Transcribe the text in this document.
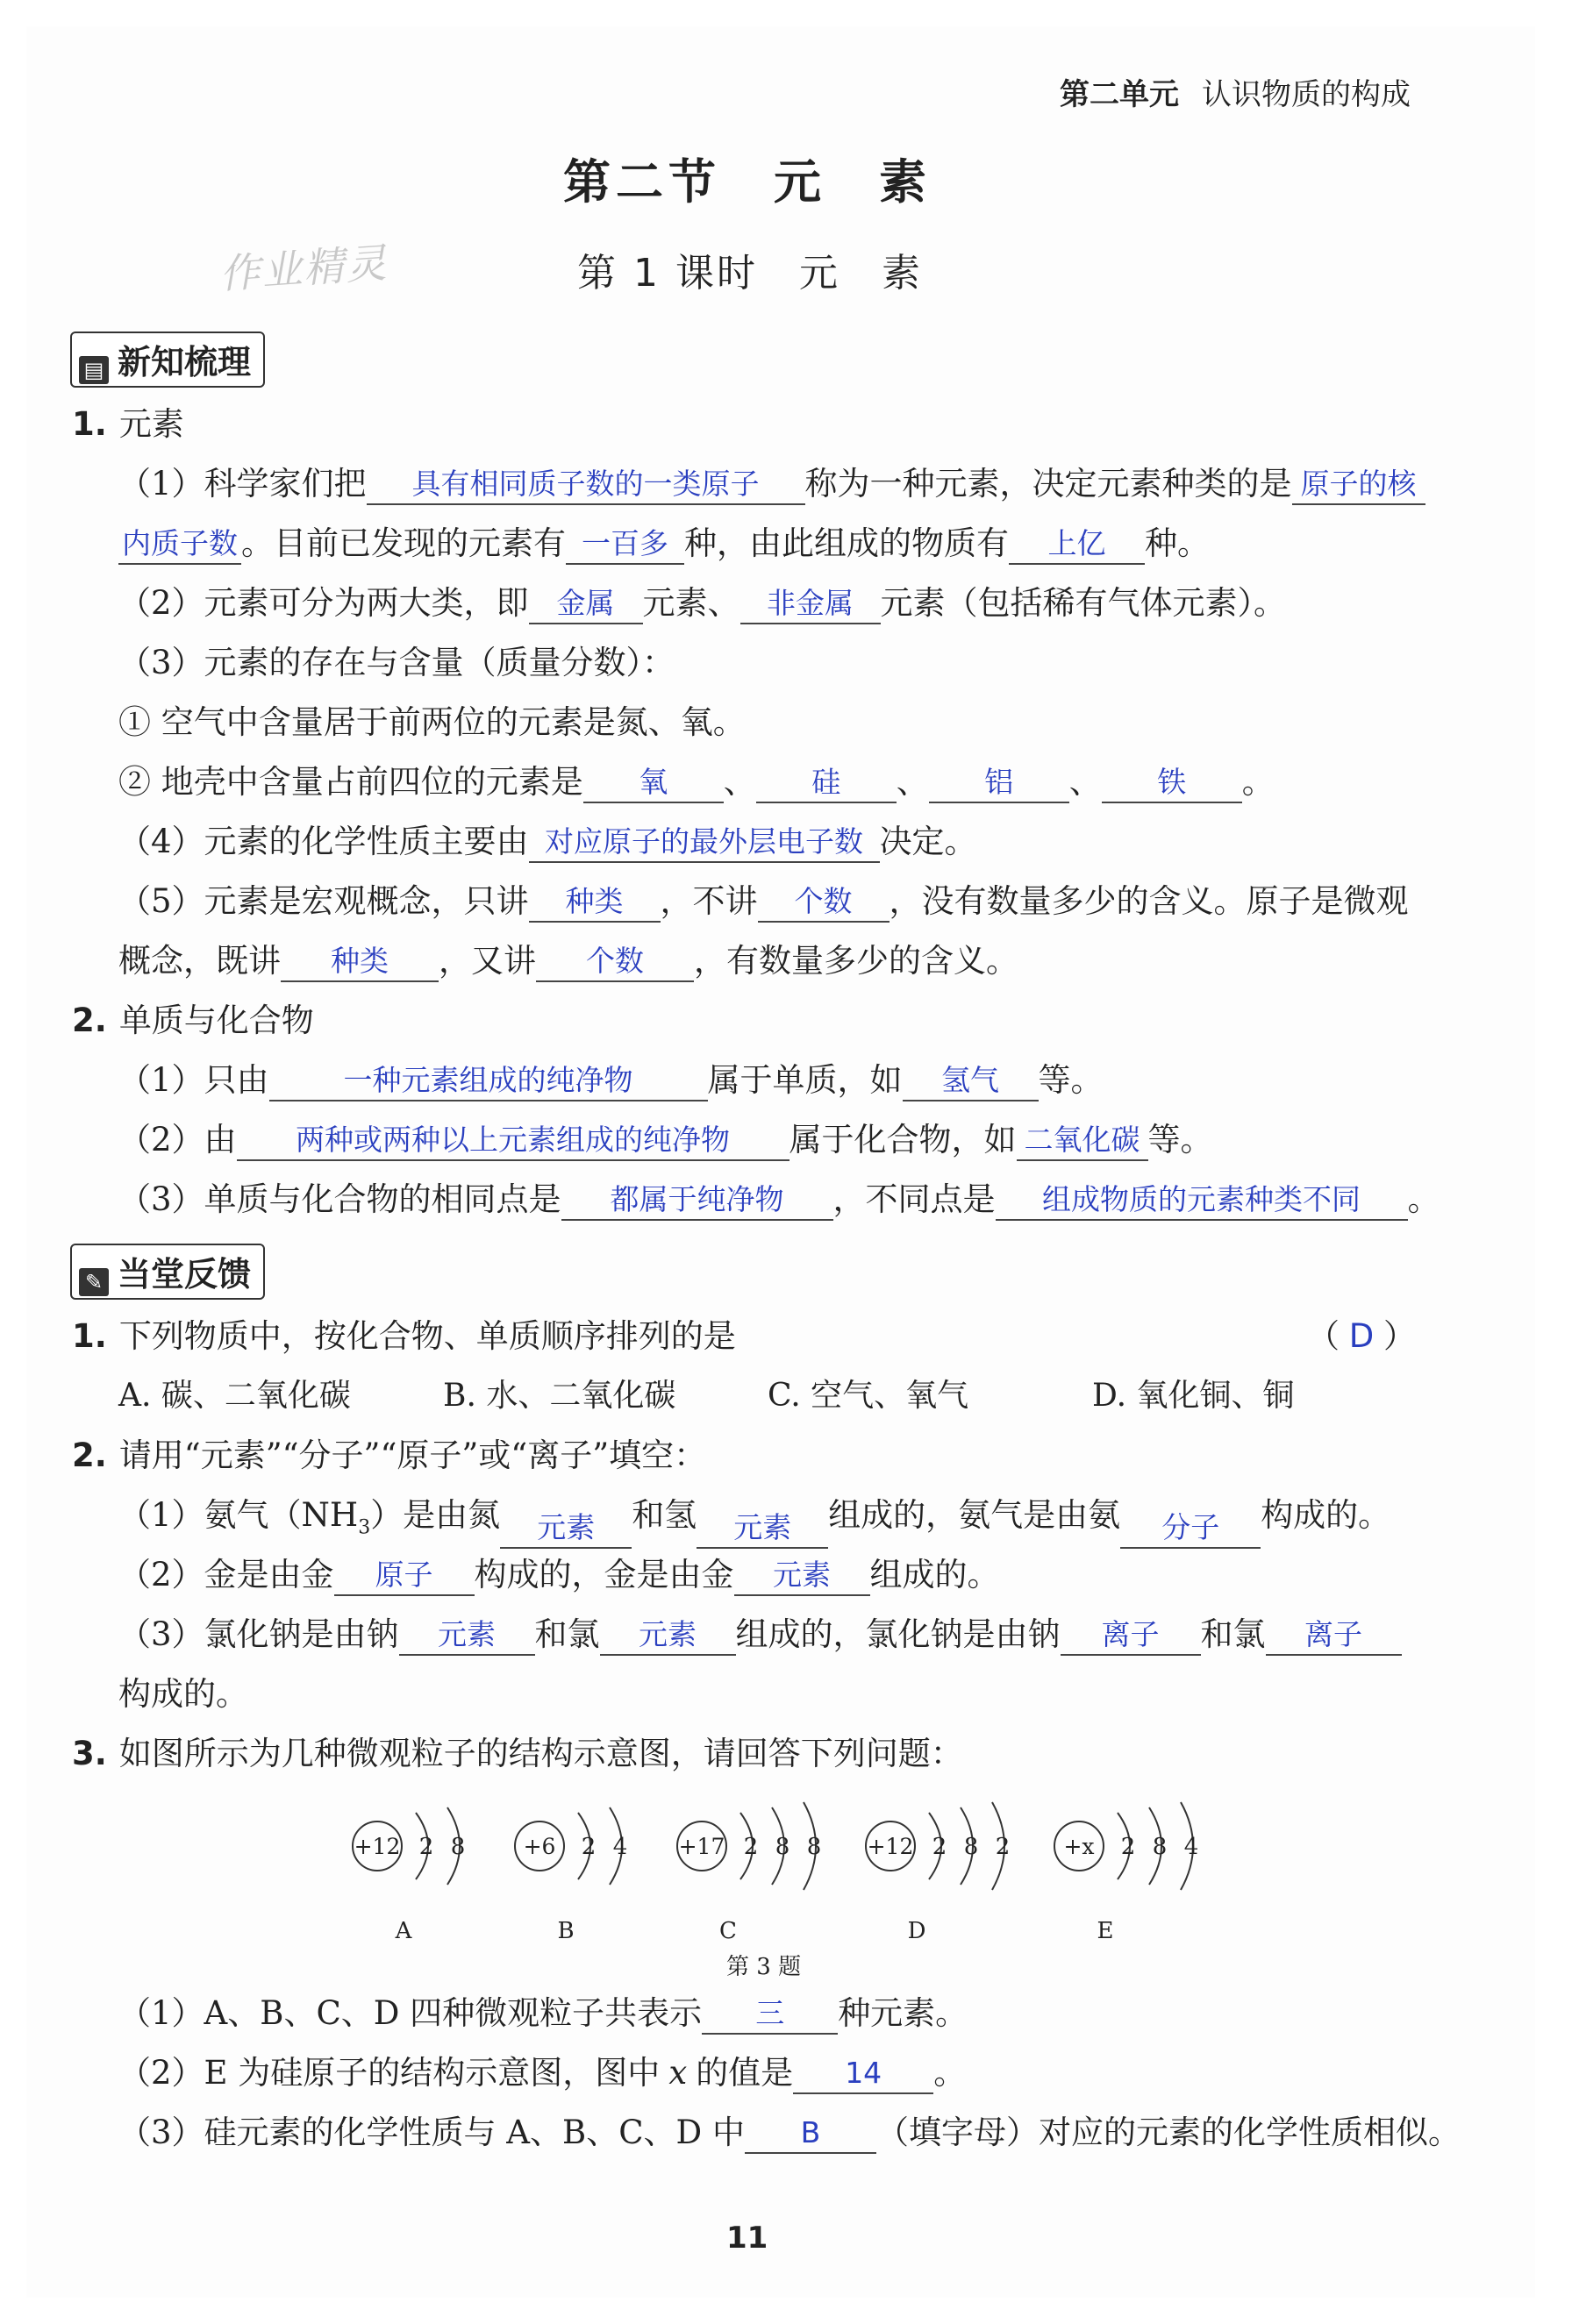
第二单元 认识物质的构成
第二节　元　素
作业精灵	第 1 课时　元　素
▤ 新知梳理
1. 元素
（1）科学家们把 具有相同质子数的一类原子 称为一种元素，决定元素种类的是 原子的核
内质子数 。目前已发现的元素有 一百多 种，由此组成的物质有 上亿 种。
（2）元素可分为两大类，即 金属 元素、 非金属 元素（包括稀有气体元素）。
（3）元素的存在与含量（质量分数）：
① 空气中含量居于前两位的元素是氮、氧。
② 地壳中含量占前四位的元素是 氧 、 硅 、 铝 、 铁 。
（4）元素的化学性质主要由 对应原子的最外层电子数 决定。
（5）元素是宏观概念，只讲 种类 ，不讲 个数 ，没有数量多少的含义。原子是微观
概念，既讲 种类 ，又讲 个数 ，有数量多少的含义。
2. 单质与化合物
（1）只由	一种元素组成的纯净物 属于单质，如 氢气 等。
（2）由 两种或两种以上元素组成的纯净物 属于化合物，如 二氧化碳 等。
（3）单质与化合物的相同点是 都属于纯净物 ，不同点是 组成物质的元素种类不同 。
✎ 当堂反馈
1. 下列物质中，按化合物、单质顺序排列的是	（ D ）
A. 碳、二氧化碳	B. 水、二氧化碳	C. 空气、氧气	D. 氧化铜、铜
2. 请用“元素”“分子”“原子”或“离子”填空：
（1）氨气$(NH_3)$是由氮 元素 和氢 元素 组成的，氨气是由氨 分子 构成的。
（2）金是由金 原子 构成的，金是由金 元素 组成的。
（3）氯化钠是由钠 元素 和氯 元素 组成的，氯化钠是由钠 离子 和氯 离子
构成的。
3. 如图所示为几种微观粒子的结构示意图，请回答下列问题：
+12 2 8
A
+6 2 4
B
+17 2 8 8
C
+12 2 8 2
D
+x 2 8 4
E
第 3 题
（1）A、B、C、D 四种微观粒子共表示 三 种元素。
（2）E 为硅原子的结构示意图，图中 x 的值是 14 。
（3）硅元素的化学性质与 A、B、C、D 中 B （填字母）对应的元素的化学性质相似。
11
